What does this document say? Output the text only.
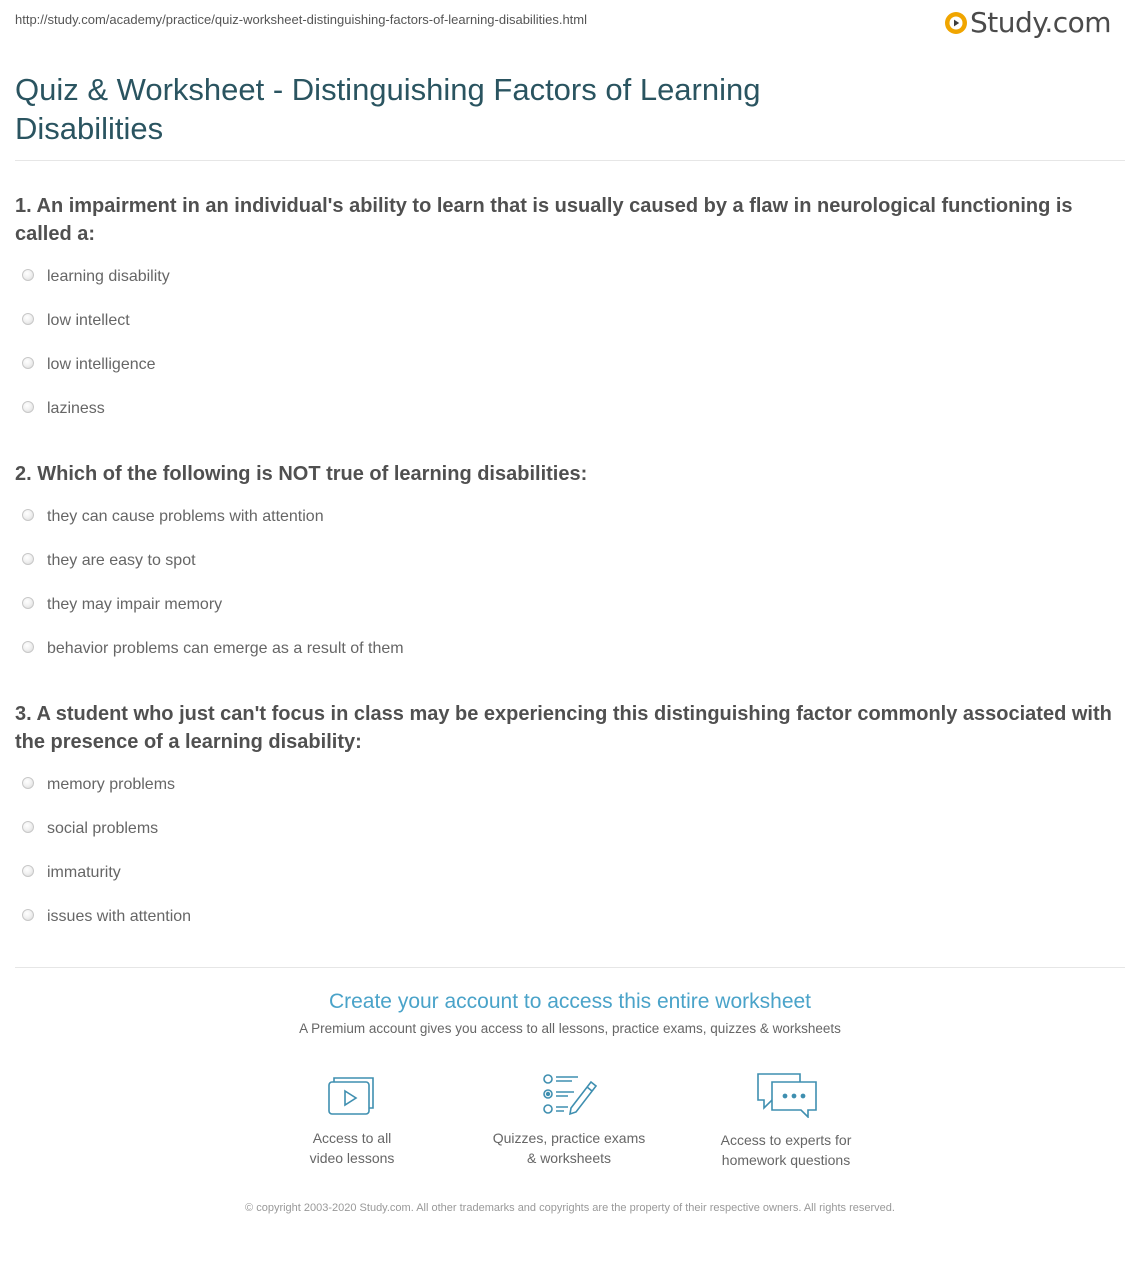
http://study.com/academy/practice/quiz-worksheet-distinguishing-factors-of-learning-disabilities.html	Study.com
Quiz & Worksheet - Distinguishing Factors of Learning Disabilities
1. An impairment in an individual's ability to learn that is usually caused by a flaw in neurological functioning is called a:
learning disability
low intellect
low intelligence
laziness
2. Which of the following is NOT true of learning disabilities:
they can cause problems with attention
they are easy to spot
they may impair memory
behavior problems can emerge as a result of them
3. A student who just can't focus in class may be experiencing this distinguishing factor commonly associated with the presence of a learning disability:
memory problems
social problems
immaturity
issues with attention
Create your account to access this entire worksheet
A Premium account gives you access to all lessons, practice exams, quizzes & worksheets
Access to all
video lessons
Quizzes, practice exams
& worksheets
Access to experts for
homework questions
© copyright 2003-2020 Study.com. All other trademarks and copyrights are the property of their respective owners. All rights reserved.
